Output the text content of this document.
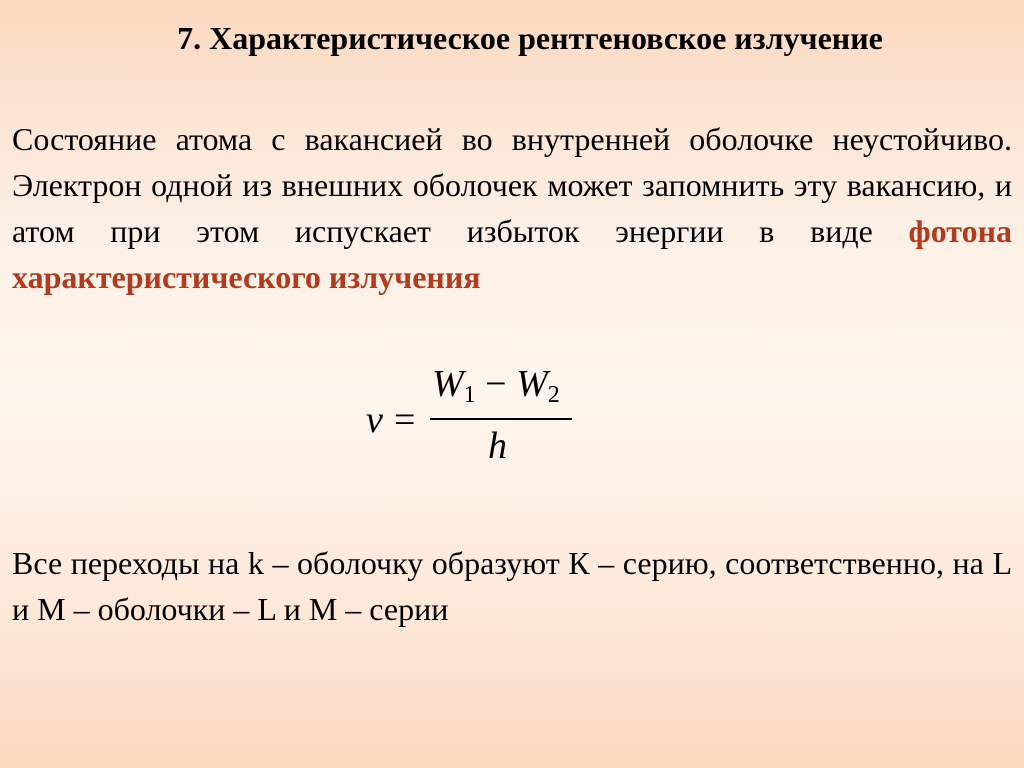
7. Характеристическое рентгеновское излучение
Состояние атома с вакансией во внутренней оболочке неустойчиво. Электрон одной из внешних оболочек может запомнить эту вакансию, и атом при этом испускает избыток энергии в виде фотона характеристического излучения
ν =
$W_1 - W_2$
h
Все переходы на k – оболочку образуют К – серию, соответственно, на L и M – оболочки – L и M – серии
